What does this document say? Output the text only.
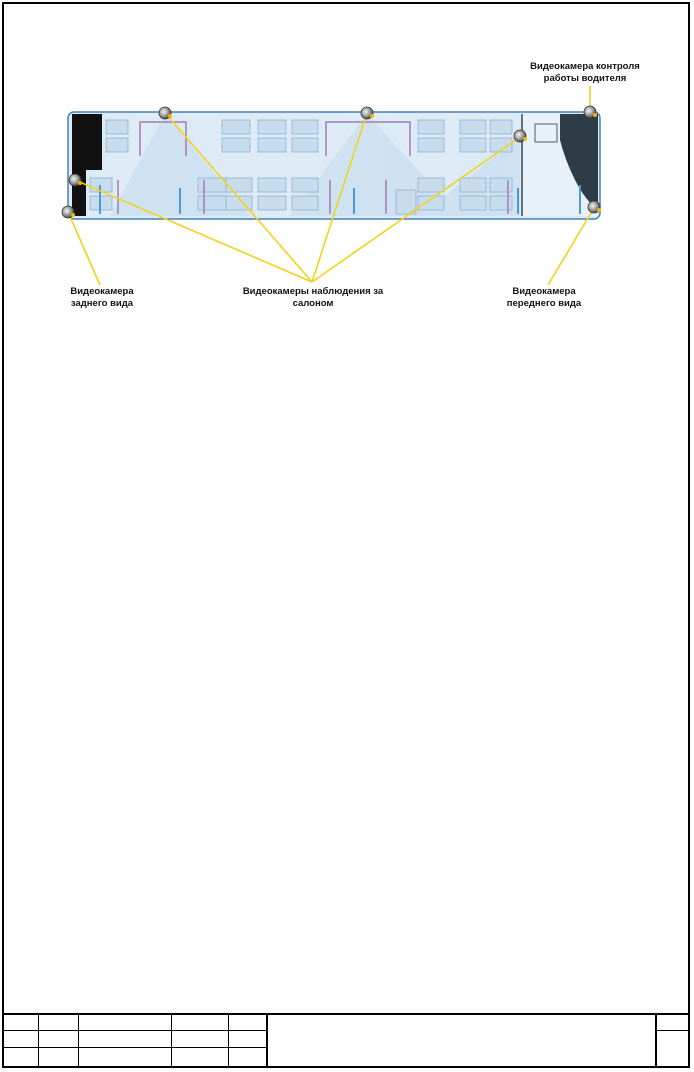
Видеокамера контроля
работы водителя
Видеокамера
заднего вида
Видеокамеры наблюдения за
салоном
Видеокамера
переднего вида
